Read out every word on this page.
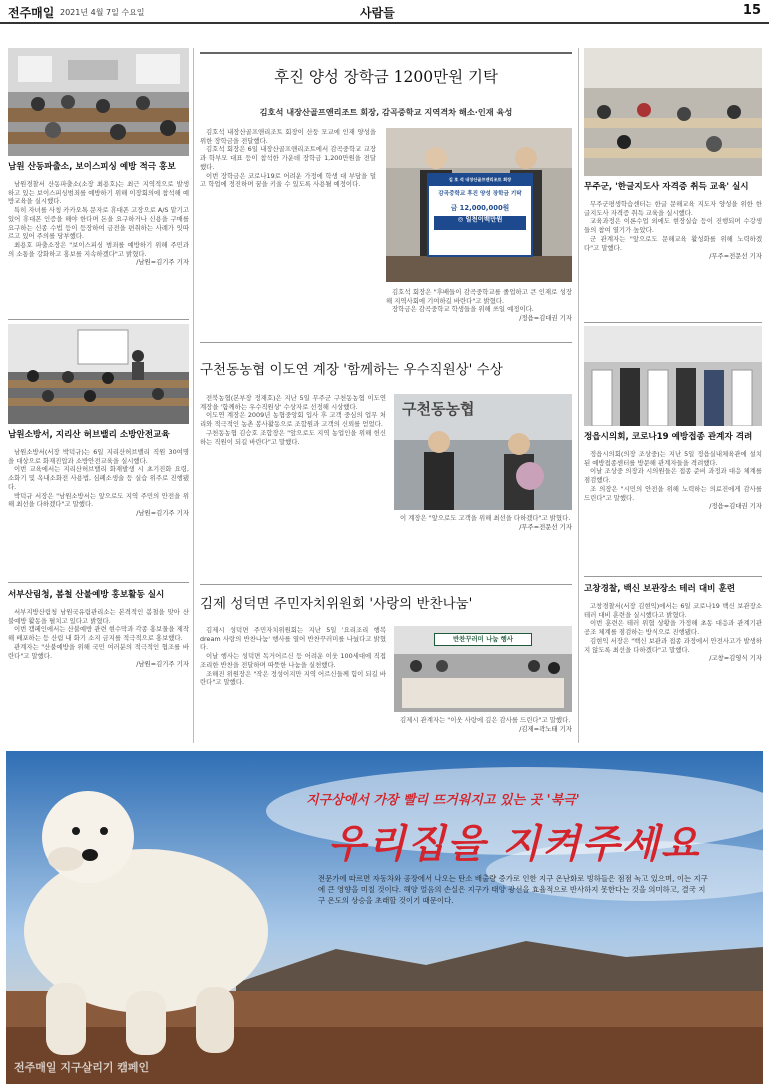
전주매일 2021년 4월 7일 수요일	사람들	15
남원 산동파출소, 보이스피싱 예방 적극 홍보

남원경찰서 산동파출소(소장 최용호)는 최근 지역적으로 발생하고 있는 보이스피싱범죄를 예방하기 위해 이장회의에 참석해 예방교육을 실시했다.

특히 자녀를 사칭 카카오톡 문자로 휴대폰 고장으로 A/S 맡기고 있어 휴대폰 인증을 해야 한다며 돈을 요구하거나 신용을 구매를 요구하는 신종 수법 등이 등장하여 금전을 편취하는 사례가 잇따르고 있어 주의를 당부했다.

최용호 파출소장은 "보이스피싱 범죄를 예방하기 위해 주민과의 소통을 강화하고 홍보를 지속하겠다"고 밝혔다.

/남원=김기주 기자

남원소방서, 지리산 허브밸리 소방안전교육

남원소방서(서장 박덕규)는 6일 지리산허브밸리 직원 30여명을 대상으로 화재진압과 소방안전교육을 실시했다.

이번 교육에서는 지리산허브밸리 화재발생 시 초기진화 요령, 소화기 및 옥내소화전 사용법, 심폐소생술 등 실습 위주로 진행됐다.

박덕규 서장은 "남원소방서는 앞으로도 지역 주민의 안전을 위해 최선을 다하겠다"고 말했다.

/남원=김기주 기자

서부산림청, 봄철 산불예방 홍보활동 실시

서부지방산림청 남원국유림관리소는 본격적인 봄철을 맞아 산불예방 활동을 펼치고 있다고 밝혔다.

이번 캠페인에서는 산불예방 관련 현수막과 각종 홍보물을 제작해 배포하는 등 산림 내 화기 소지 금지를 적극적으로 홍보했다.

관계자는 "산불예방을 위해 국민 여러분의 적극적인 협조를 바란다"고 말했다.

/남원=김기주 기자

후진 양성 장학금 1200만원 기탁
김호석 내장산골프앤리조트 회장, 감곡중학교 지역격차 해소·인재 육성

김호석 내장산골프앤리조트 회장이 산둥 모교에 인재 양성을 위한 장학금을 전달했다.

김호석 회장은 6일 내장산골프앤리조트에서 감곡중학교 교장과 학부모 대표 등이 참석한 가운데 장학금 1,200만원을 전달했다.

이번 장학금은 코로나19로 어려운 가정에 학생 대 부담을 덜고 학업에 정진하며 꿈을 키울 수 있도록 사용될 예정이다.

김 호 석 내장산골프앤리조트 회장
감곡중학교 후진 양성 장학금 기탁
금 12,000,000원
◎ 일천이백만원

김호석 회장은 "후배들이 감곡중학교를 졸업하고 큰 인재로 성장해 지역사회에 기여하길 바란다"고 밝혔다.

장학금은 감곡중학교 학생들을 위해 쓰일 예정이다.

/정읍=김대권 기자

구천동농협 이도연 계장 '함께하는 우수직원상' 수상

전북농협(본부장 정재호)은 지난 5일 무주군 구천동농협 이도연 계장을 '함께하는 우수직원상' 수상자로 선정해 시상했다.

이도연 계장은 2009년 농협중앙회 입사 후 고객 중심의 업무 처리와 적극적인 농촌 봉사활동으로 조합원과 고객의 신뢰를 얻었다.

구천동농협 김승호 조합장은 "앞으로도 지역 농업인을 위해 헌신하는 직원이 되길 바란다"고 말했다.

구천동농협

이 계장은 "앞으로도 고객을 위해 최선을 다하겠다"고 밝혔다.

/무주=전문선 기자

김제 성덕면 주민자치위원회 '사랑의 반찬나눔'

김제시 성덕면 주민자치위원회는 지난 5일 '요리조리 행복dream 사랑의 반찬나눔' 행사를 열어 반찬꾸러미를 나눴다고 밝혔다.

이날 행사는 성덕면 독거어르신 등 어려운 이웃 100세대에 직접 조리한 반찬을 전달하며 따뜻한 나눔을 실천했다.

조해진 위원장은 "작은 정성이지만 지역 어르신들께 힘이 되길 바란다"고 말했다.

반찬꾸러미 나눔 행사

김제시 관계자는 "이웃 사랑에 깊은 감사를 드린다"고 말했다.

/김제=곽노태 기자

무주군, '한글지도사 자격증 취득 교육' 실시

무주군평생학습센터는 한글 문해교육 지도자 양성을 위한 한글지도사 자격증 취득 교육을 실시했다.

교육과정은 이론수업 외에도 현장실습 등이 진행되며 수강생들의 참여 열기가 높았다.

군 관계자는 "앞으로도 문해교육 활성화를 위해 노력하겠다"고 말했다.

/무주=전문선 기자

정읍시의회, 코로나19 예방접종 관계자 격려

정읍시의회(의장 조상중)는 지난 5일 정읍실내체육관에 설치된 예방접종센터를 방문해 관계자들을 격려했다.

이날 조상중 의장과 시의원들은 접종 준비 과정과 대응 체계를 점검했다.

조 의장은 "시민의 안전을 위해 노력하는 의료진에게 감사를 드린다"고 말했다.

/정읍=김대권 기자

고창경찰, 백신 보관장소 테러 대비 훈련

고창경찰서(서장 김현익)에서는 6일 코로나19 백신 보관장소 테러 대비 훈련을 실시했다고 밝혔다.

이번 훈련은 테러 위협 상황을 가정해 초동 대응과 관계기관 공조 체계를 점검하는 방식으로 진행됐다.

김현익 서장은 "백신 보관과 접종 과정에서 안전사고가 발생하지 않도록 최선을 다하겠다"고 말했다.

/고창=김영식 기자

지구상에서 가장 빨리 뜨거워지고 있는 곳 '북극'
우리집을 지켜주세요
전문가에 따르면 자동차와 공장에서 나오는 탄소 배출량 증가로 인한 지구 온난화로 빙하들은 점점 녹고 있으며, 이는 지구에 큰 영향을 미칠 것이다. 해양 얼음의 손실은 지구가 태양 광선을 효율적으로 반사하지 못한다는 것을 의미하고, 결국 지구 온도의 상승을 초래할 것이기 때문이다.
전주매일 지구살리기 캠페인
